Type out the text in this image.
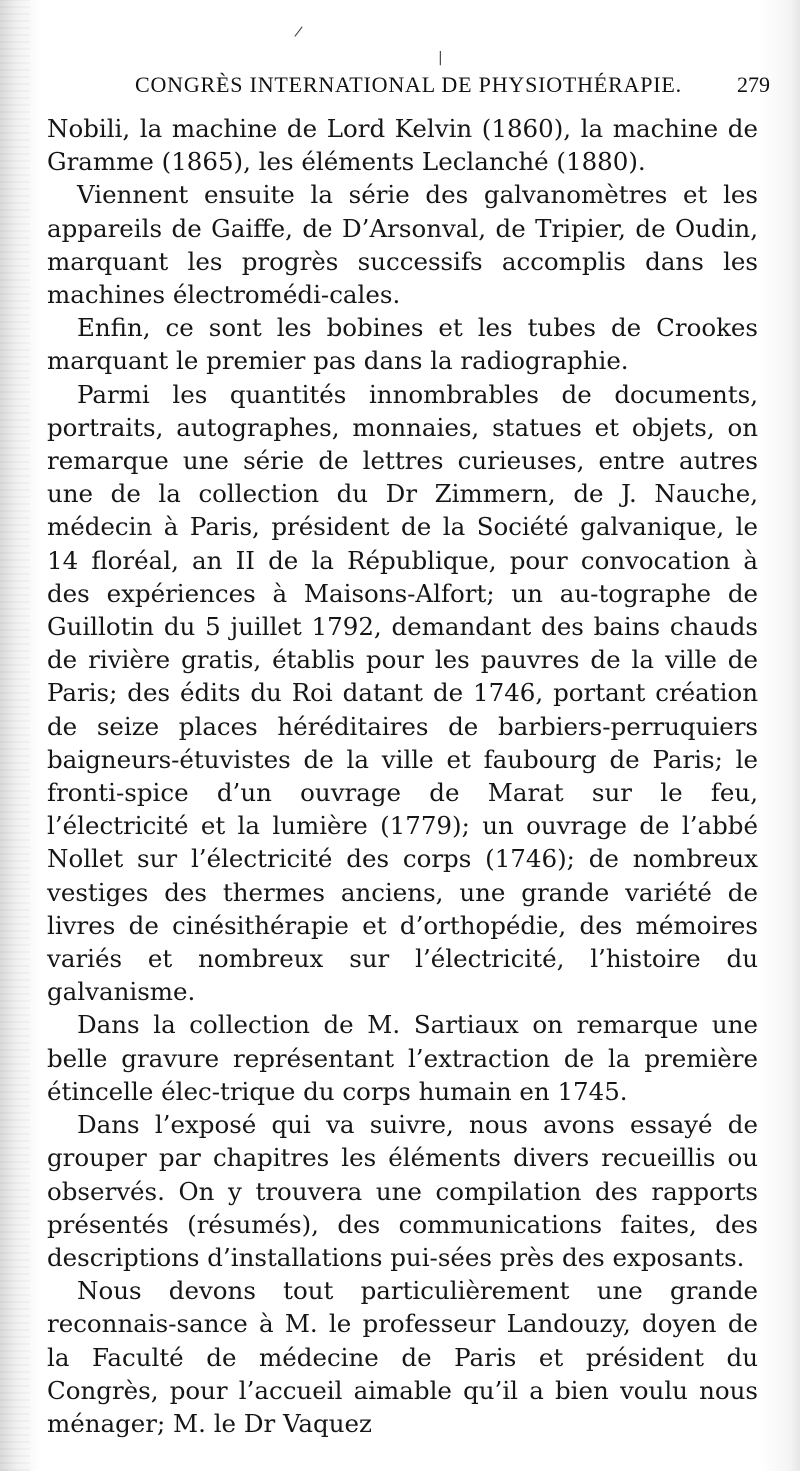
/
|
CONGRÈS INTERNATIONAL DE PHYSIOTHÉRAPIE.	279

Nobili, la machine de Lord Kelvin (1860), la machine de Gramme (1865), les éléments Leclanché (1880).

Viennent ensuite la série des galvanomètres et les appareils de Gaiffe, de D’Arsonval, de Tripier, de Oudin, marquant les progrès successifs accomplis dans les machines électromédi-cales.

Enfin, ce sont les bobines et les tubes de Crookes marquant le premier pas dans la radiographie.

Parmi les quantités innombrables de documents, portraits, autographes, monnaies, statues et objets, on remarque une série de lettres curieuses, entre autres une de la collection du Dr Zimmern, de J. Nauche, médecin à Paris, président de la Société galvanique, le 14 floréal, an II de la République, pour convocation à des expériences à Maisons-Alfort; un au-tographe de Guillotin du 5 juillet 1792, demandant des bains chauds de rivière gratis, établis pour les pauvres de la ville de Paris; des édits du Roi datant de 1746, portant création de seize places héréditaires de barbiers-perruquiers baigneurs-étuvistes de la ville et faubourg de Paris; le fronti-spice d’un ouvrage de Marat sur le feu, l’électricité et la lumière (1779); un ouvrage de l’abbé Nollet sur l’électricité des corps (1746); de nombreux vestiges des thermes anciens, une grande variété de livres de cinésithérapie et d’orthopédie, des mémoires variés et nombreux sur l’électricité, l’histoire du galvanisme.

Dans la collection de M. Sartiaux on remarque une belle gravure représentant l’extraction de la première étincelle élec-trique du corps humain en 1745.

Dans l’exposé qui va suivre, nous avons essayé de grouper par chapitres les éléments divers recueillis ou observés. On y trouvera une compilation des rapports présentés (résumés), des communications faites, des descriptions d’installations pui-sées près des exposants.

Nous devons tout particulièrement une grande reconnais-sance à M. le professeur Landouzy, doyen de la Faculté de médecine de Paris et président du Congrès, pour l’accueil aimable qu’il a bien voulu nous ménager; M. le Dr Vaquez
